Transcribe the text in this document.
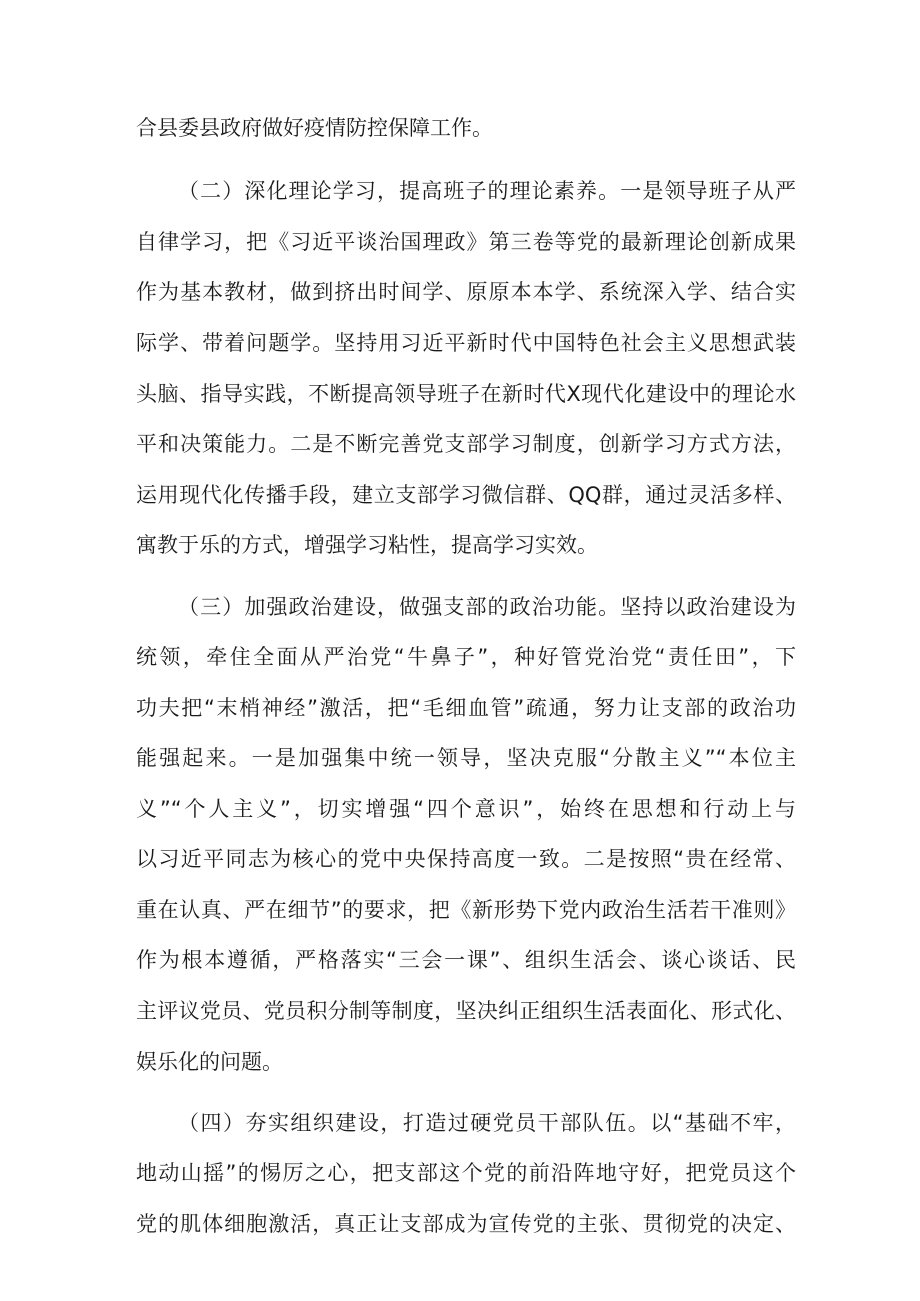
合县委县政府做好疫情防控保障工作。
（二）深化理论学习，提高班子的理论素养。一是领导班子从严
自律学习，把《习近平谈治国理政》第三卷等党的最新理论创新成果
作为基本教材，做到挤出时间学、原原本本学、系统深入学、结合实
际学、带着问题学。坚持用习近平新时代中国特色社会主义思想武装
头脑、指导实践，不断提高领导班子在新时代X现代化建设中的理论水
平和决策能力。二是不断完善党支部学习制度，创新学习方式方法，
运用现代化传播手段，建立支部学习微信群、QQ群，通过灵活多样、
寓教于乐的方式，增强学习粘性，提高学习实效。
（三）加强政治建设，做强支部的政治功能。坚持以政治建设为
统领，牵住全面从严治党“牛鼻子”，种好管党治党“责任田”，下
功夫把“末梢神经”激活，把“毛细血管”疏通，努力让支部的政治功
能强起来。一是加强集中统一领导，坚决克服“分散主义”“本位主
义”“个人主义”，切实增强“四个意识”，始终在思想和行动上与
以习近平同志为核心的党中央保持高度一致。二是按照“贵在经常、
重在认真、严在细节”的要求，把《新形势下党内政治生活若干准则》
作为根本遵循，严格落实“三会一课”、组织生活会、谈心谈话、民
主评议党员、党员积分制等制度，坚决纠正组织生活表面化、形式化、
娱乐化的问题。
（四）夯实组织建设，打造过硬党员干部队伍。以“基础不牢，
地动山摇”的惕厉之心，把支部这个党的前沿阵地守好，把党员这个
党的肌体细胞激活，真正让支部成为宣传党的主张、贯彻党的决定、
